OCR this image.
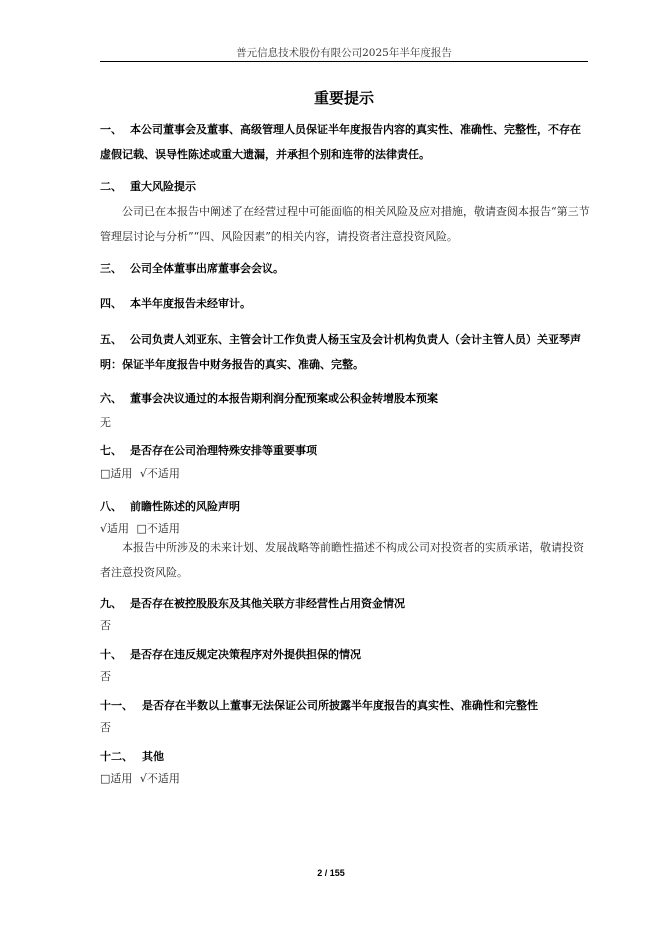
普元信息技术股份有限公司2025年半年度报告
重要提示

一、 本公司董事会及董事、高级管理人员保证半年度报告内容的真实性、准确性、完整性，不存在虚假记载、误导性陈述或重大遗漏，并承担个别和连带的法律责任。

二、 重大风险提示

公司已在本报告中阐述了在经营过程中可能面临的相关风险及应对措施，敬请查阅本报告“第三节 管理层讨论与分析”“四、风险因素”的相关内容，请投资者注意投资风险。

三、 公司全体董事出席董事会会议。

四、 本半年度报告未经审计。

五、 公司负责人刘亚东、主管会计工作负责人杨玉宝及会计机构负责人（会计主管人员）关亚琴声明：保证半年度报告中财务报告的真实、准确、完整。

六、 董事会决议通过的本报告期利润分配预案或公积金转增股本预案

无

七、 是否存在公司治理特殊安排等重要事项

□适用 √不适用

八、 前瞻性陈述的风险声明

√适用 □不适用

本报告中所涉及的未来计划、发展战略等前瞻性描述不构成公司对投资者的实质承诺，敬请投资者注意投资风险。

九、 是否存在被控股股东及其他关联方非经营性占用资金情况

否

十、 是否存在违反规定决策程序对外提供担保的情况

否

十一、 是否存在半数以上董事无法保证公司所披露半年度报告的真实性、准确性和完整性

否

十二、 其他

□适用 √不适用

2 / 155
